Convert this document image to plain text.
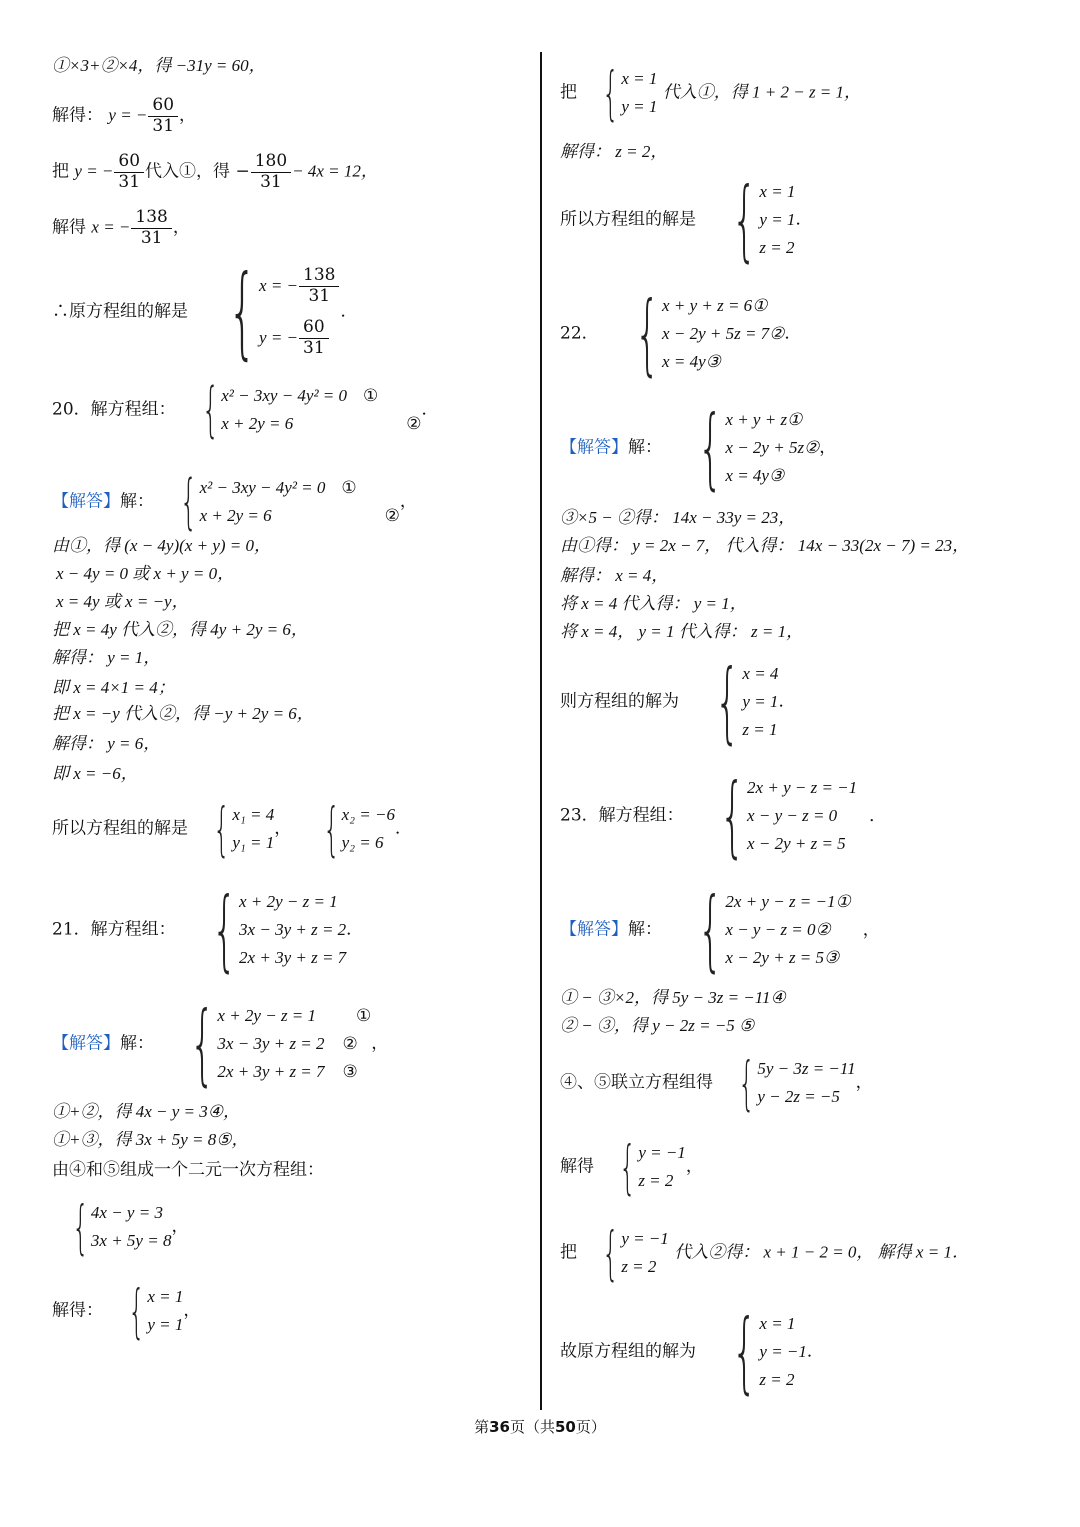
①×3+②×4，得 −31y = 60，
解得： y = − $\frac{60}{31}$ ，
把 y = − $\frac{60}{31}$ 代入①，得 − $\frac{180}{31} - 4x = 12$，
解得 x = − $\frac{138}{31}$ ，
∴原方程组的解是 { x = − $\frac{138}{31}$
y = − $\frac{60}{31}$
．
20．解方程组： { x² − 3xy − 4y² = 0 ①
x + 2y = 6	②
．
【解答】解： { x² − 3xy − 4y² = 0 ①
x + 2y = 6	②
，
由①，得 (x − 4y)(x + y) = 0，
x − 4y = 0 或 x + y = 0，
x = 4y 或 x = −y，
把 x = 4y 代入②，得 4y + 2y = 6，
解得： y = 1，
即 x = 4×1 = 4；
把 x = −y 代入②，得 −y + 2y = 6，
解得： y = 6，
即 x = −6，
所以方程组的解是 { x₁ = 4
y₁ = 1
， { x₂ = −6
y₂ = 6
．
21．解方程组： { x + 2y − z = 1
3x − 3y + z = 2
2x + 3y + z = 7
．
【解答】解： { x + 2y − z = 1 ①
3x − 3y + z = 2 ②
2x + 3y + z = 7 ③
，
①+②，得 4x − y = 3④，
①+③，得 3x + 5y = 8⑤，
由④和⑤组成一个二元一次方程组：
{ 4x − y = 3
3x + 5y = 8
，
解得： { x = 1
y = 1
，
把 { x = 1
y = 1
代入①，得 1 + 2 − z = 1，
解得： z = 2，
所以方程组的解是 { x = 1
y = 1
z = 2
．
22． { x + y + z = 6①
x − 2y + 5z = 7②
x = 4y③
．
【解答】解： { x + y + z①
x − 2y + 5z②
x = 4y③
，
③×5 − ②得： 14x − 33y = 23，
由①得： y = 2x − 7， 代入得： 14x − 33(2x − 7) = 23，
解得： x = 4，
将 x = 4 代入得： y = 1，
将 x = 4， y = 1 代入得： z = 1，
则方程组的解为 { x = 4
y = 1
z = 1
．
23．解方程组： { 2x + y − z = −1
x − y − z = 0
x − 2y + z = 5
．
【解答】解： { 2x + y − z = −1①
x − y − z = 0②
x − 2y + z = 5③
，
① − ③×2，得 5y − 3z = −11④
② − ③，得 y − 2z = −5 ⑤
④、⑤联立方程组得 { 5y − 3z = −11
y − 2z = −5
，
解得 { y = −1
z = 2
，
把 { y = −1
z = 2
代入②得： x + 1 − 2 = 0， 解得 x = 1．
故原方程组的解为 { x = 1
y = −1
z = 2
．
第36页（共50页）
